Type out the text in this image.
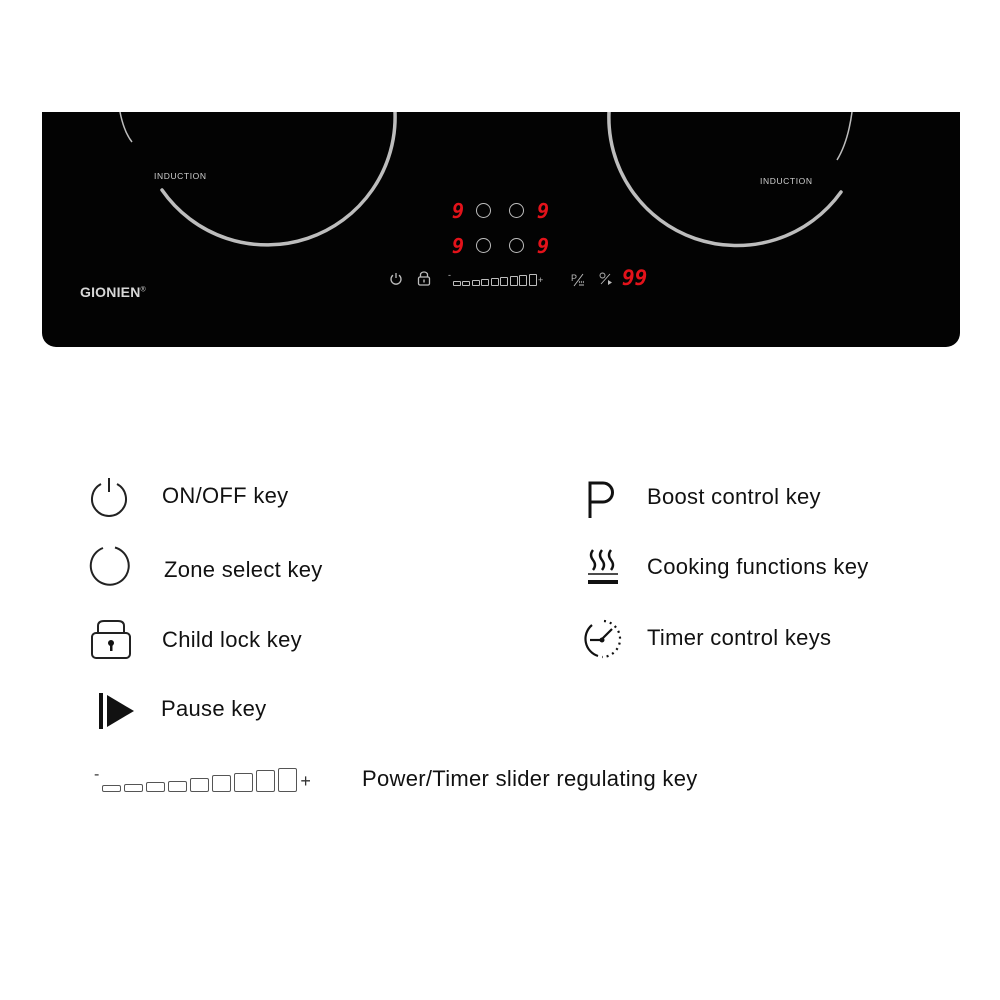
INDUCTION	INDUCTION
GIONIEN®
9	9
9	9
-	+	P 99
ON/OFF key
Zone select key
Child lock key
Pause key
Boost control key
Cooking functions key
Timer control keys
-	+ Power/Timer slider regulating key
